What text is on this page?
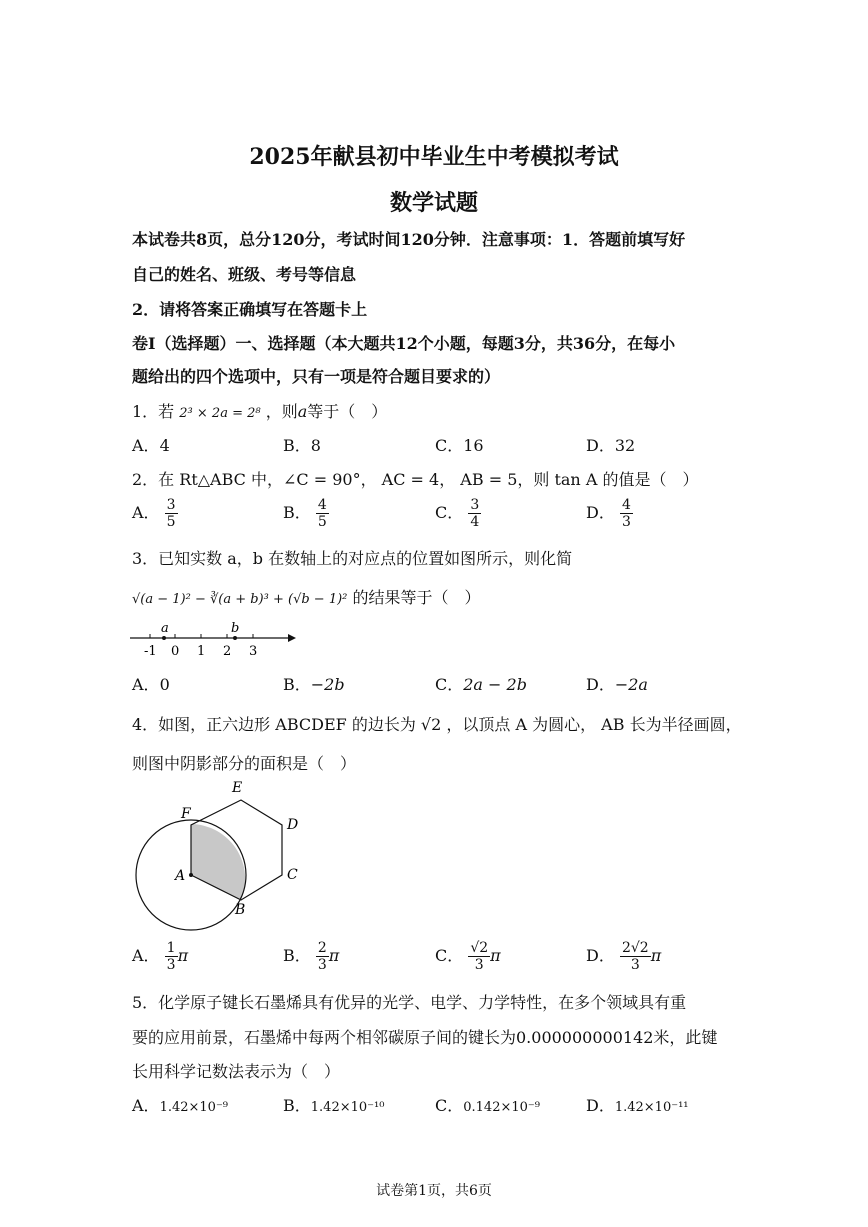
2025年献县初中毕业生中考模拟考试
数学试题
本试卷共8页，总分120分，考试时间120分钟．注意事项：1．答题前填写好
自己的姓名、班级、考号等信息
2．请将答案正确填写在答题卡上
卷I（选择题）一、选择题（本大题共12个小题，每题3分，共36分，在每小
题给出的四个选项中，只有一项是符合题目要求的）
1．若 2³ × 2a = 2⁸ ，则a等于（　）
A．4	B．8	C．16	D．32
2．在 Rt△ABC 中，∠C = 90°， AC = 4， AB = 5，则 tan A 的值是（　）
A． $\frac{3}{5}$	B． $\frac{4}{5}$	C． $\frac{3}{4}$	D． $\frac{4}{3}$
3．已知实数 a，b 在数轴上的对应点的位置如图所示，则化简
√(a − 1)² − ∛(a + b)³ + (√b − 1)² 的结果等于（　）
a	b
-1 0 1 2 3
A．0	B．−2b	C．2a − 2b	D．−2a
4．如图，正六边形 ABCDEF 的边长为 √2 ，以顶点 A 为圆心， AB 长为半径画圆，
则图中阴影部分的面积是（　）
A
B
C
D
E
F
A． $\frac{1}{3}$ π	B． $\frac{2}{3}$ π	C． $\frac{√2}{3}$ π	D． $\frac{2√2}{3}$ π
5．化学原子键长石墨烯具有优异的光学、电学、力学特性，在多个领域具有重
要的应用前景，石墨烯中每两个相邻碳原子间的键长为0.000000000142米，此键
长用科学记数法表示为（　）
A．1.42×10⁻⁹	B．1.42×10⁻¹⁰	C．0.142×10⁻⁹	D．1.42×10⁻¹¹
试卷第1页，共6页
